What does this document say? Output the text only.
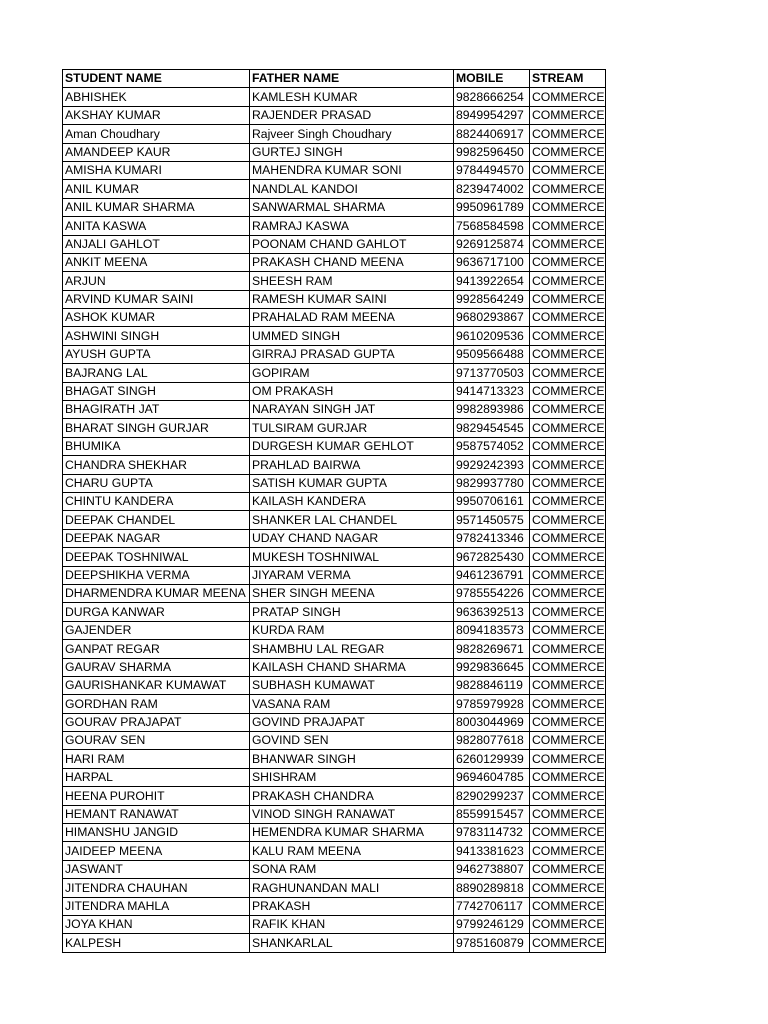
STUDENT NAME	FATHER NAME	MOBILE	STREAM
ABHISHEK	KAMLESH KUMAR	9828666254	COMMERCE
AKSHAY KUMAR	RAJENDER PRASAD	8949954297	COMMERCE
Aman Choudhary	Rajveer Singh Choudhary	8824406917	COMMERCE
AMANDEEP KAUR	GURTEJ SINGH	9982596450	COMMERCE
AMISHA KUMARI	MAHENDRA KUMAR SONI	9784494570	COMMERCE
ANIL KUMAR	NANDLAL KANDOI	8239474002	COMMERCE
ANIL KUMAR SHARMA	SANWARMAL SHARMA	9950961789	COMMERCE
ANITA KASWA	RAMRAJ KASWA	7568584598	COMMERCE
ANJALI GAHLOT	POONAM CHAND GAHLOT	9269125874	COMMERCE
ANKIT MEENA	PRAKASH CHAND MEENA	9636717100	COMMERCE
ARJUN	SHEESH RAM	9413922654	COMMERCE
ARVIND KUMAR SAINI	RAMESH KUMAR SAINI	9928564249	COMMERCE
ASHOK KUMAR	PRAHALAD RAM MEENA	9680293867	COMMERCE
ASHWINI SINGH	UMMED SINGH	9610209536	COMMERCE
AYUSH GUPTA	GIRRAJ PRASAD GUPTA	9509566488	COMMERCE
BAJRANG LAL	GOPIRAM	9713770503	COMMERCE
BHAGAT SINGH	OM PRAKASH	9414713323	COMMERCE
BHAGIRATH JAT	NARAYAN SINGH JAT	9982893986	COMMERCE
BHARAT SINGH GURJAR	TULSIRAM GURJAR	9829454545	COMMERCE
BHUMIKA	DURGESH KUMAR GEHLOT	9587574052	COMMERCE
CHANDRA SHEKHAR	PRAHLAD BAIRWA	9929242393	COMMERCE
CHARU GUPTA	SATISH KUMAR GUPTA	9829937780	COMMERCE
CHINTU KANDERA	KAILASH KANDERA	9950706161	COMMERCE
DEEPAK CHANDEL	SHANKER LAL CHANDEL	9571450575	COMMERCE
DEEPAK NAGAR	UDAY CHAND NAGAR	9782413346	COMMERCE
DEEPAK TOSHNIWAL	MUKESH TOSHNIWAL	9672825430	COMMERCE
DEEPSHIKHA VERMA	JIYARAM VERMA	9461236791	COMMERCE
DHARMENDRA KUMAR MEENA	SHER SINGH MEENA	9785554226	COMMERCE
DURGA KANWAR	PRATAP SINGH	9636392513	COMMERCE
GAJENDER	KURDA RAM	8094183573	COMMERCE
GANPAT REGAR	SHAMBHU LAL REGAR	9828269671	COMMERCE
GAURAV SHARMA	KAILASH CHAND SHARMA	9929836645	COMMERCE
GAURISHANKAR KUMAWAT	SUBHASH KUMAWAT	9828846119	COMMERCE
GORDHAN RAM	VASANA RAM	9785979928	COMMERCE
GOURAV PRAJAPAT	GOVIND PRAJAPAT	8003044969	COMMERCE
GOURAV SEN	GOVIND SEN	9828077618	COMMERCE
HARI RAM	BHANWAR SINGH	6260129939	COMMERCE
HARPAL	SHISHRAM	9694604785	COMMERCE
HEENA PUROHIT	PRAKASH CHANDRA	8290299237	COMMERCE
HEMANT RANAWAT	VINOD SINGH RANAWAT	8559915457	COMMERCE
HIMANSHU JANGID	HEMENDRA KUMAR SHARMA	9783114732	COMMERCE
JAIDEEP MEENA	KALU RAM MEENA	9413381623	COMMERCE
JASWANT	SONA RAM	9462738807	COMMERCE
JITENDRA CHAUHAN	RAGHUNANDAN MALI	8890289818	COMMERCE
JITENDRA MAHLA	PRAKASH	7742706117	COMMERCE
JOYA KHAN	RAFIK KHAN	9799246129	COMMERCE
KALPESH	SHANKARLAL	9785160879	COMMERCE
